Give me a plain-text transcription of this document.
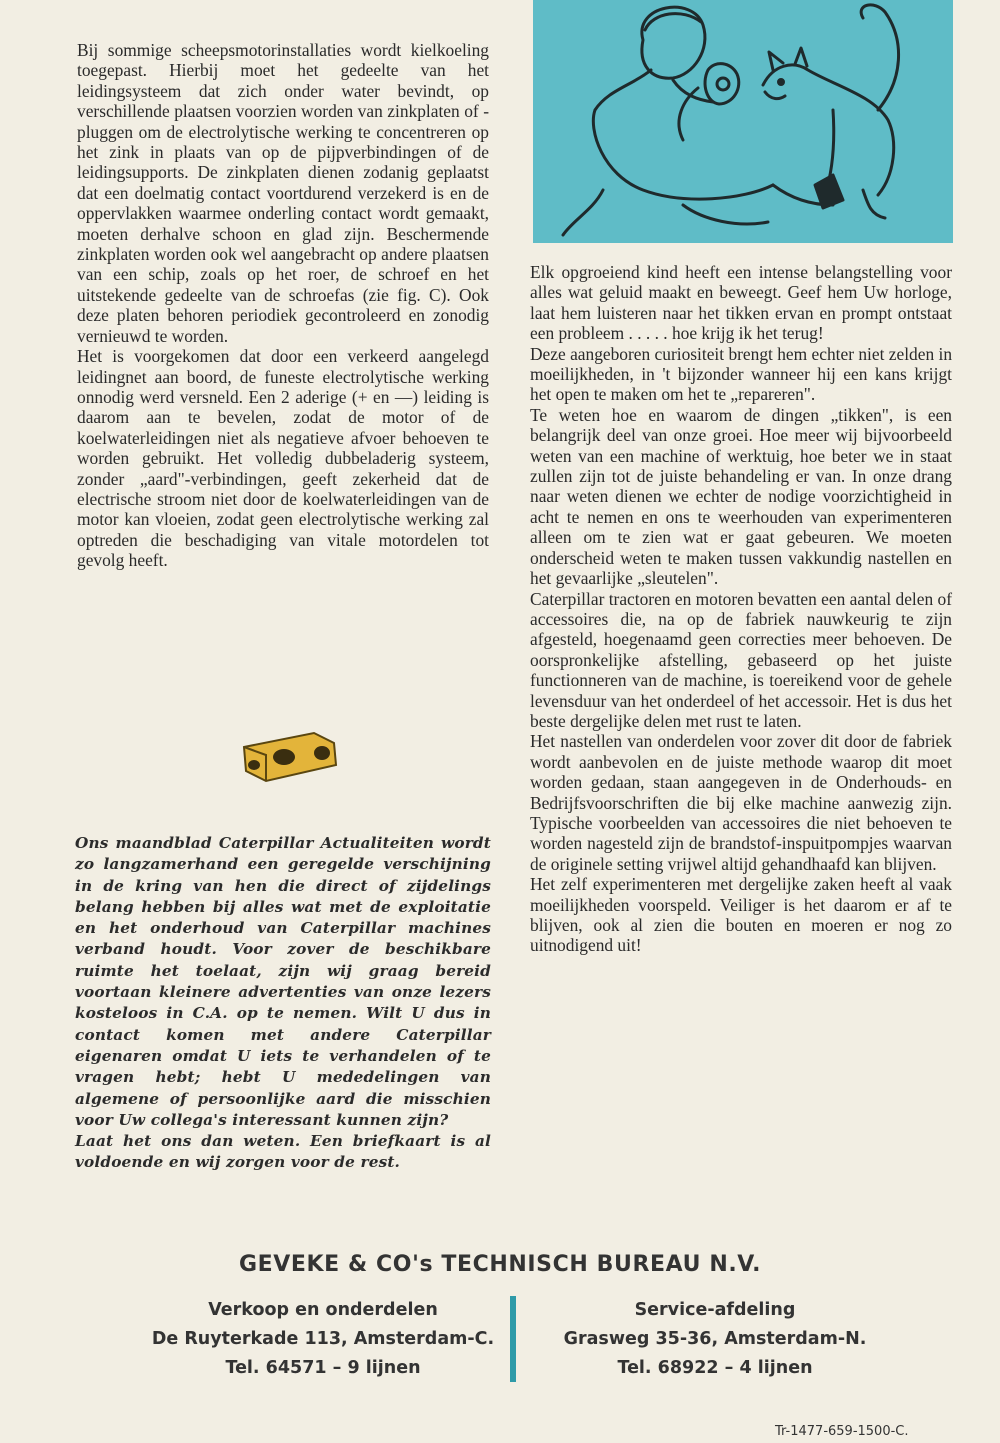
Bij sommige scheepsmotorinstallaties wordt kielkoeling toegepast. Hierbij moet het gedeelte van het leidingsysteem dat zich onder water bevindt, op verschillende plaatsen voorzien worden van zinkplaten of -pluggen om de electrolytische werking te concentreren op het zink in plaats van op de pijpverbindingen of de leidingsupports. De zinkplaten dienen zodanig geplaatst dat een doelmatig contact voortdurend verzekerd is en de oppervlakken waarmee onderling contact wordt gemaakt, moeten derhalve schoon en glad zijn. Beschermende zinkplaten worden ook wel aangebracht op andere plaatsen van een schip, zoals op het roer, de schroef en het uitstekende gedeelte van de schroefas (zie fig. C). Ook deze platen behoren periodiek gecontroleerd en zonodig vernieuwd te worden.

Het is voorgekomen dat door een verkeerd aangelegd leidingnet aan boord, de funeste electrolytische werking onnodig werd versneld. Een 2 aderige (+ en —) leiding is daarom aan te bevelen, zodat de motor of de koelwaterleidingen niet als negatieve afvoer behoeven te worden gebruikt. Het volledig dubbeladerig systeem, zonder „aard"-verbindingen, geeft zekerheid dat de electrische stroom niet door de koelwaterleidingen van de motor kan vloeien, zodat geen electrolytische werking zal optreden die beschadiging van vitale motordelen tot gevolg heeft.

Ons maandblad Caterpillar Actualiteiten wordt zo langzamerhand een geregelde verschijning in de kring van hen die direct of zijdelings belang hebben bij alles wat met de exploitatie en het onderhoud van Caterpillar machines verband houdt. Voor zover de beschikbare ruimte het toelaat, zijn wij graag bereid voortaan kleinere advertenties van onze lezers kosteloos in C.A. op te nemen. Wilt U dus in contact komen met andere Caterpillar eigenaren omdat U iets te verhandelen of te vragen hebt; hebt U mededelingen van algemene of persoonlijke aard die misschien voor Uw collega's interessant kunnen zijn?

Laat het ons dan weten. Een briefkaart is al voldoende en wij zorgen voor de rest.

Elk opgroeiend kind heeft een intense belangstelling voor alles wat geluid maakt en beweegt. Geef hem Uw horloge, laat hem luisteren naar het tikken ervan en prompt ontstaat een probleem . . . . . hoe krijg ik het terug!

Deze aangeboren curiositeit brengt hem echter niet zelden in moeilijkheden, in 't bijzonder wanneer hij een kans krijgt het open te maken om het te „repareren".

Te weten hoe en waarom de dingen „tikken", is een belangrijk deel van onze groei. Hoe meer wij bijvoorbeeld weten van een machine of werktuig, hoe beter we in staat zullen zijn tot de juiste behandeling er van. In onze drang naar weten dienen we echter de nodige voorzichtigheid in acht te nemen en ons te weerhouden van experimenteren alleen om te zien wat er gaat gebeuren. We moeten onderscheid weten te maken tussen vakkundig nastellen en het gevaarlijke „sleutelen".

Caterpillar tractoren en motoren bevatten een aantal delen of accessoires die, na op de fabriek nauwkeurig te zijn afgesteld, hoegenaamd geen correcties meer behoeven. De oorspronkelijke afstelling, gebaseerd op het juiste functionneren van de machine, is toereikend voor de gehele levensduur van het onderdeel of het accessoir. Het is dus het beste dergelijke delen met rust te laten.

Het nastellen van onderdelen voor zover dit door de fabriek wordt aanbevolen en de juiste methode waarop dit moet worden gedaan, staan aangegeven in de Onderhouds- en Bedrijfsvoorschriften die bij elke machine aanwezig zijn. Typische voorbeelden van accessoires die niet behoeven te worden nagesteld zijn de brandstof-inspuitpompjes waarvan de originele setting vrijwel altijd gehandhaafd kan blijven.

Het zelf experimenteren met dergelijke zaken heeft al vaak moeilijkheden voorspeld. Veiliger is het daarom er af te blijven, ook al zien die bouten en moeren er nog zo uitnodigend uit!

GEVEKE & CO's TECHNISCH BUREAU N.V.
Verkoop en onderdelen
De Ruyterkade 113, Amsterdam-C.
Tel. 64571 – 9 lijnen
Service-afdeling
Grasweg 35-36, Amsterdam-N.
Tel. 68922 – 4 lijnen
Tr-1477-659-1500-C.
